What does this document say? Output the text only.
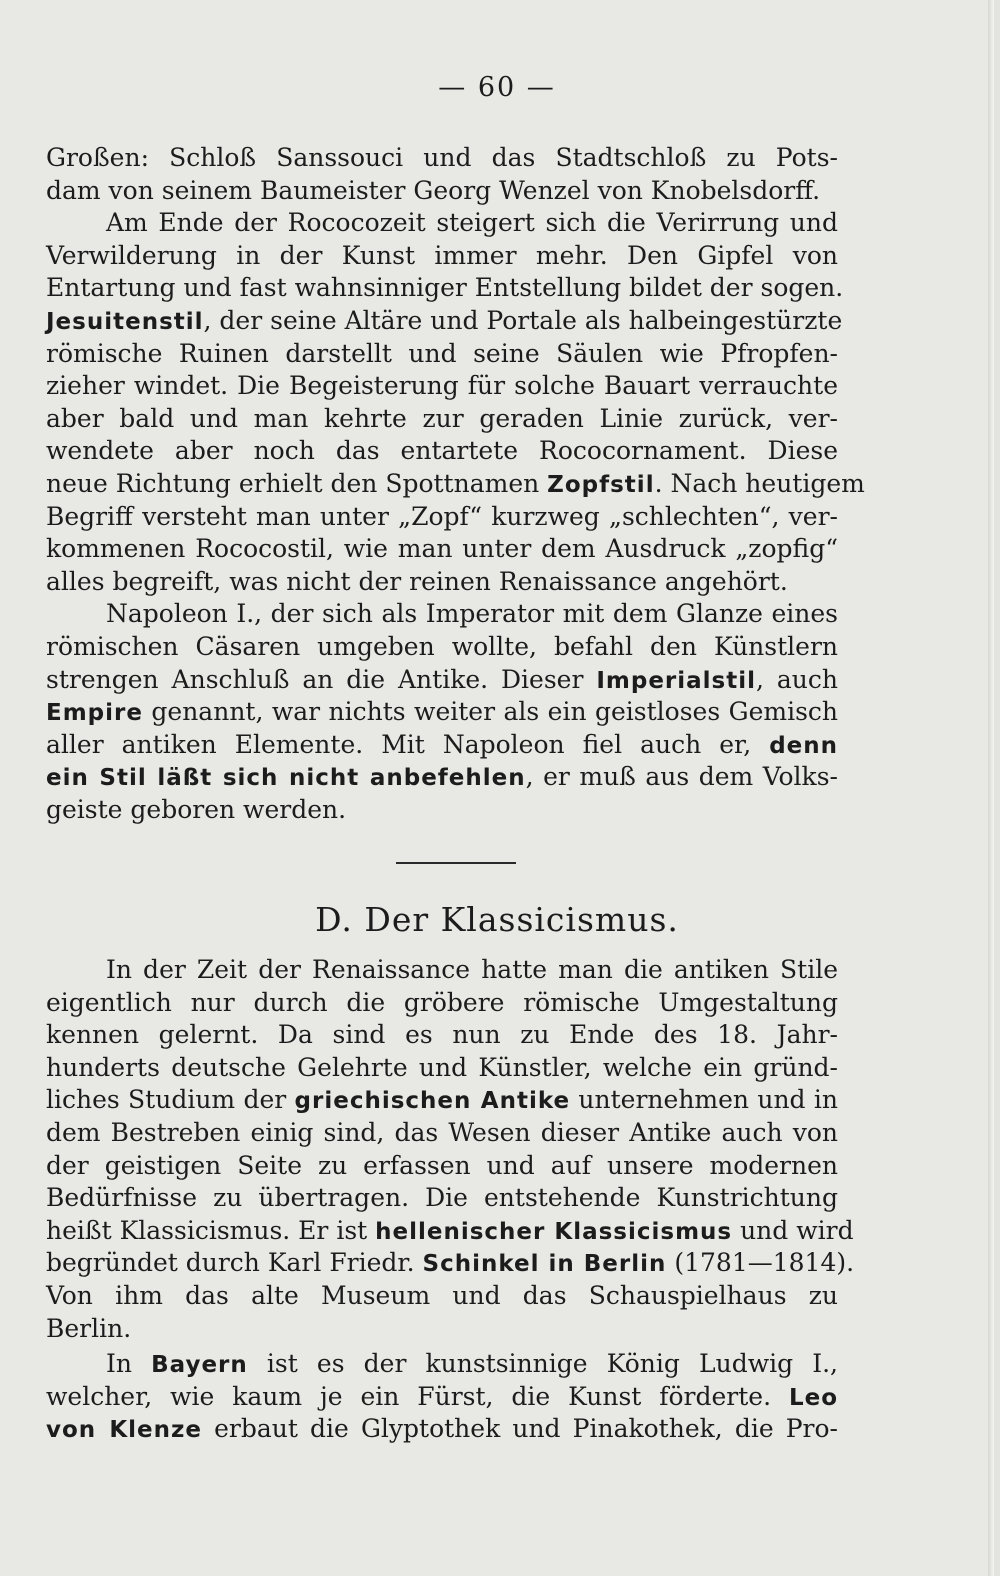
— 60 —
Großen: Schloß Sanssouci und das Stadtschloß zu Pots-
dam von seinem Baumeister Georg Wenzel von Knobelsdorff.
Am Ende der Rococozeit steigert sich die Verirrung und
Verwilderung in der Kunst immer mehr. Den Gipfel von
Entartung und fast wahnsinniger Entstellung bildet der sogen.
Jesuitenstil, der seine Altäre und Portale als halbeingestürzte
römische Ruinen darstellt und seine Säulen wie Pfropfen-
zieher windet. Die Begeisterung für solche Bauart verrauchte
aber bald und man kehrte zur geraden Linie zurück, ver-
wendete aber noch das entartete Rococornament. Diese
neue Richtung erhielt den Spottnamen Zopfstil. Nach heutigem
Begriff versteht man unter „Zopf“ kurzweg „schlechten“, ver-
kommenen Rococostil, wie man unter dem Ausdruck „zopfig“
alles begreift, was nicht der reinen Renaissance angehört.
Napoleon I., der sich als Imperator mit dem Glanze eines
römischen Cäsaren umgeben wollte, befahl den Künstlern
strengen Anschluß an die Antike. Dieser Imperialstil, auch
Empire genannt, war nichts weiter als ein geistloses Gemisch
aller antiken Elemente. Mit Napoleon fiel auch er, denn
ein Stil läßt sich nicht anbefehlen, er muß aus dem Volks-
geiste geboren werden.
D. Der Klassicismus.
In der Zeit der Renaissance hatte man die antiken Stile
eigentlich nur durch die gröbere römische Umgestaltung
kennen gelernt. Da sind es nun zu Ende des 18. Jahr-
hunderts deutsche Gelehrte und Künstler, welche ein gründ-
liches Studium der griechischen Antike unternehmen und in
dem Bestreben einig sind, das Wesen dieser Antike auch von
der geistigen Seite zu erfassen und auf unsere modernen
Bedürfnisse zu übertragen. Die entstehende Kunstrichtung
heißt Klassicismus. Er ist hellenischer Klassicismus und wird
begründet durch Karl Friedr. Schinkel in Berlin (1781—1814).
Von ihm das alte Museum und das Schauspielhaus zu
Berlin.
In Bayern ist es der kunstsinnige König Ludwig I.,
welcher, wie kaum je ein Fürst, die Kunst förderte. Leo
von Klenze erbaut die Glyptothek und Pinakothek, die Pro-
